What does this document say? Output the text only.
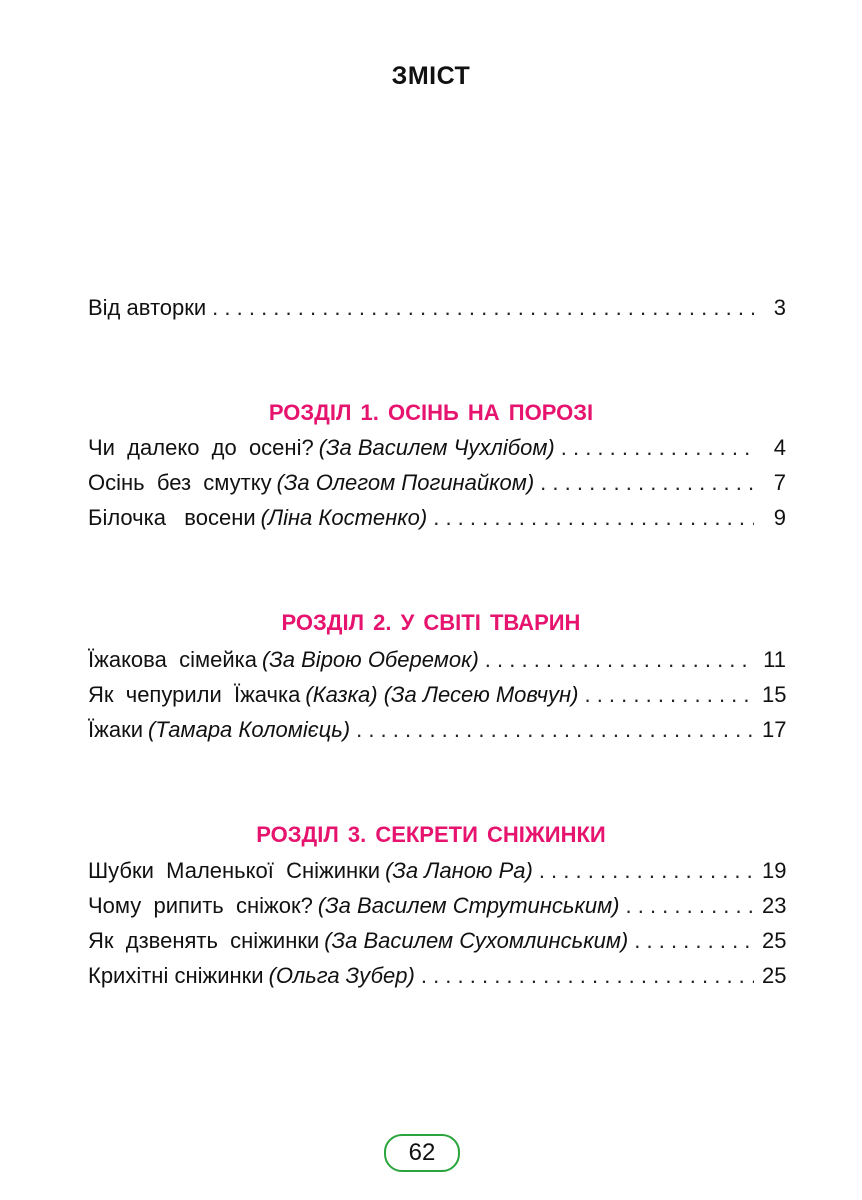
ЗМІСТ
Від авторки . . .	3
РОЗДІЛ 1. ОСІНЬ НА ПОРОЗІ
Чи  далеко  до  осені? (За Василем Чухлібом) . . .	4
Осінь  без  смутку (За Олегом Погинайком) . . .	7
Білочка   восени (Ліна Костенко) . . .	9
РОЗДІЛ 2. У СВІТІ ТВАРИН
Їжакова  сімейка (За Вірою Оберемок) . . .	11
Як  чепурили  Їжачка (Казка) (За Лесею Мовчун) . . .	15
Їжаки (Тамара Коломієць) . . .	17
РОЗДІЛ 3. СЕКРЕТИ СНІЖИНКИ
Шубки  Маленької  Сніжинки (За Ланою Ра) . . .	19
Чому  рипить  сніжок? (За Василем Струтинським) . . .	23
Як  дзвенять  сніжинки (За Василем Сухомлинським) . . .	25
Крихітні сніжинки (Ольга Зубер) . . .	25
62
